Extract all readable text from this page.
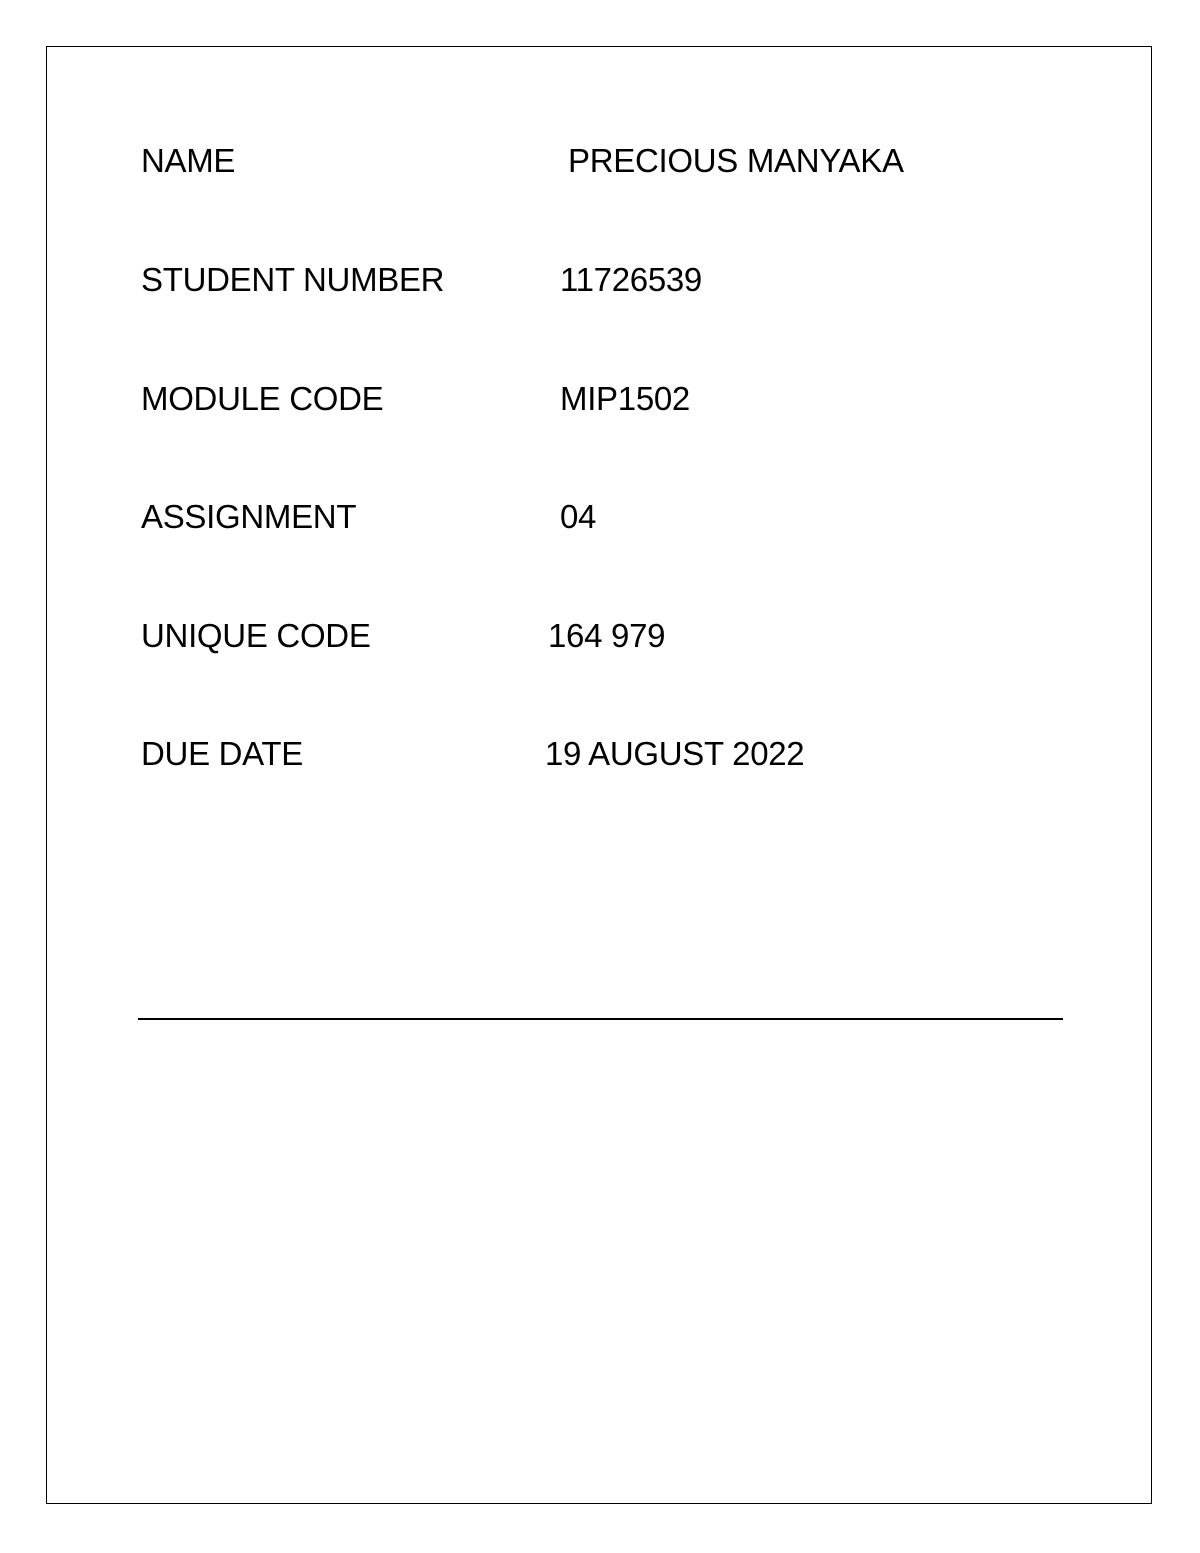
NAME	PRECIOUS MANYAKA
STUDENT NUMBER	11726539
MODULE CODE	MIP1502
ASSIGNMENT	04
UNIQUE CODE	164 979
DUE DATE	19 AUGUST 2022
